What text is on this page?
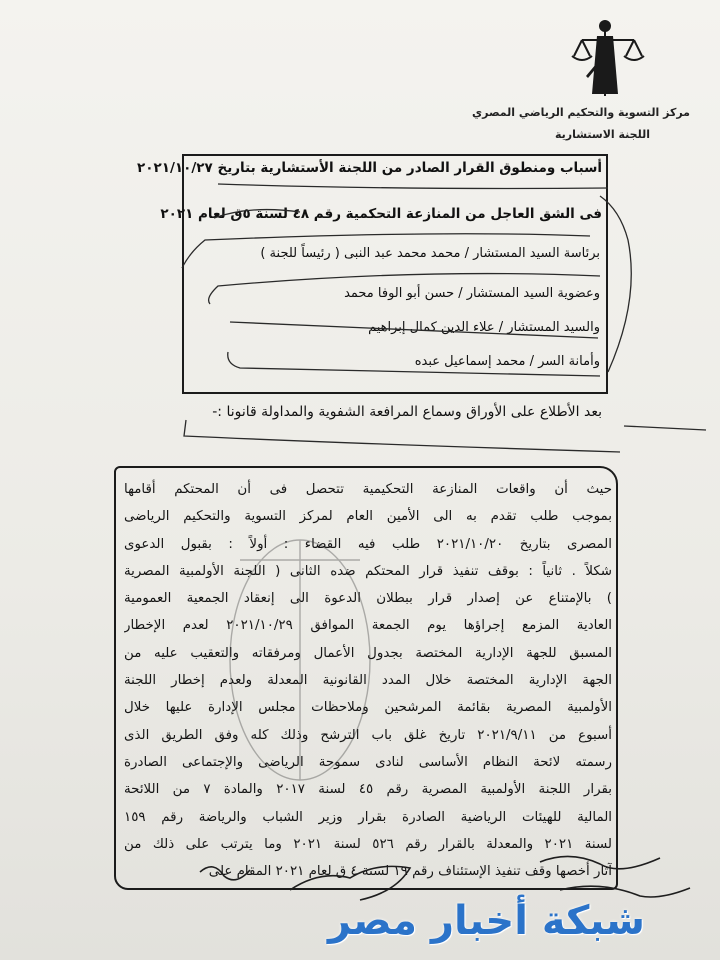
مركز التسوية والتحكيم الرياضي المصري
اللجنة الاستشارية
أسباب ومنطوق القرار الصادر من اللجنة الأستشارية بتاريخ ٢٠٢١/١٠/٢٧
فى الشق العاجل من المنازعة التحكمية رقم ٤٨ لسنة ٥ق لعام ٢٠٢١
برئاسة السيد المستشار / محمد محمد عبد النبى ( رئيساً للجنة )
وعضوية السيد المستشار / حسن أبو الوفا محمد
والسيد المستشار / علاء الدين كمال إبراهيم
وأمانة السر / محمد إسماعيل عبده
بعد الأطلاع على الأوراق وسماع المرافعة الشفوية والمداولة قانونا :-
حيث أن واقعات المنازعة التحكيمية تتحصل فى أن المحتكم أقامها
بموجب طلب تقدم به الى الأمين العام لمركز التسوية والتحكيم الرياضى
المصرى بتاريخ ٢٠٢١/١٠/٢٠ طلب فيه القضاء : أولاً : بقبول الدعوى
شكلاً . ثانياً : بوقف تنفيذ قرار المحتكم ضده الثانى ( اللجنة الأولمبية المصرية
) بالإمتناع عن إصدار قرار ببطلان الدعوة الى إنعقاد الجمعية العمومية
العادية المزمع إجراؤها يوم الجمعة الموافق ٢٠٢١/١٠/٢٩ لعدم الإخطار
المسبق للجهة الإدارية المختصة بجدول الأعمال ومرفقاته والتعقيب عليه من
الجهة الإدارية المختصة خلال المدد القانونية المعدلة ولعدم إخطار اللجنة
الأولمبية المصرية بقائمة المرشحين وملاحظات مجلس الإدارة عليها خلال
أسبوع من ٢٠٢١/٩/١١ تاريخ غلق باب الترشح وذلك كله وفق الطريق الذى
رسمته لائحة النظام الأساسى لنادى سموحة الرياضى والإجتماعى الصادرة
بقرار اللجنة الأولمبية المصرية رقم ٤٥ لسنة ٢٠١٧ والمادة ٧ من اللائحة
المالية للهيئات الرياضية الصادرة بقرار وزير الشباب والرياضة رقم ١٥٩
لسنة ٢٠٢١ والمعدلة بالقرار رقم ٥٢٦ لسنة ٢٠٢١ وما يترتب على ذلك من
آثار أخصها وقف تنفيذ الإستئناف رقم ١٩ لسنة ٤ ق لعام ٢٠٢١ المقام على
شبكة أخبار مصر
